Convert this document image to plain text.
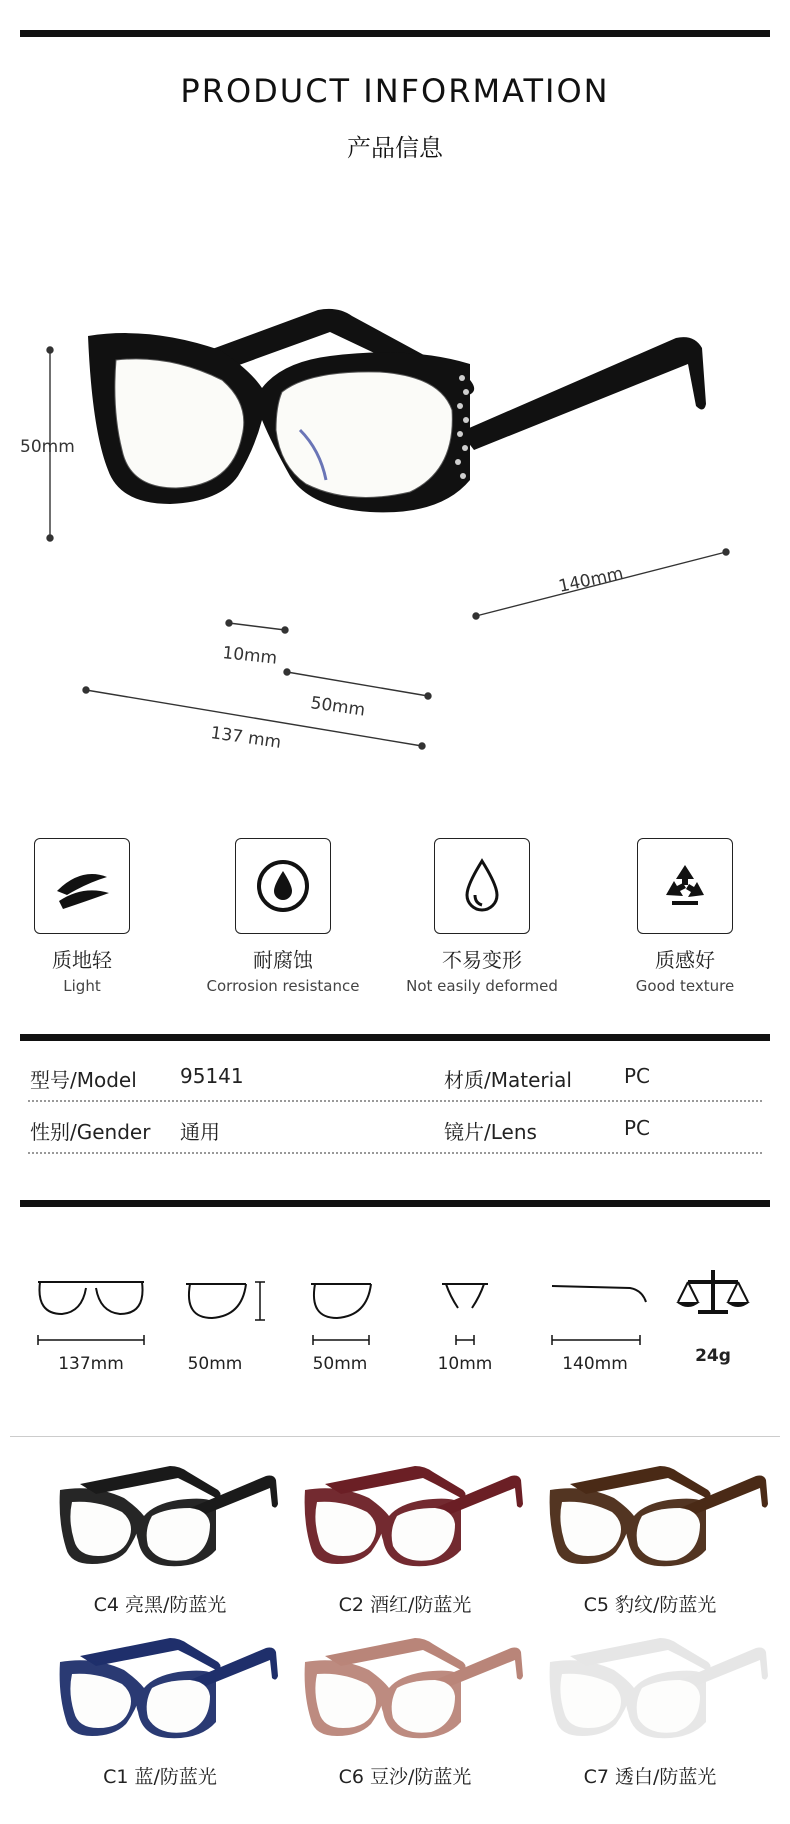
PRODUCT INFORMATION
产品信息
50mm
140mm
10mm
50mm
137 mm
质地轻
Light
耐腐蚀
Corrosion resistance
不易变形
Not easily deformed
质感好
Good texture
型号/Model 95141	材质/Material	PC
性别/Gender 通用	镜片/Lens	PC
137mm	50mm	50mm	10mm	140mm	24g
C4 亮黑/防蓝光	C2 酒红/防蓝光	C5 豹纹/防蓝光
C1 蓝/防蓝光	C6 豆沙/防蓝光	C7 透白/防蓝光
